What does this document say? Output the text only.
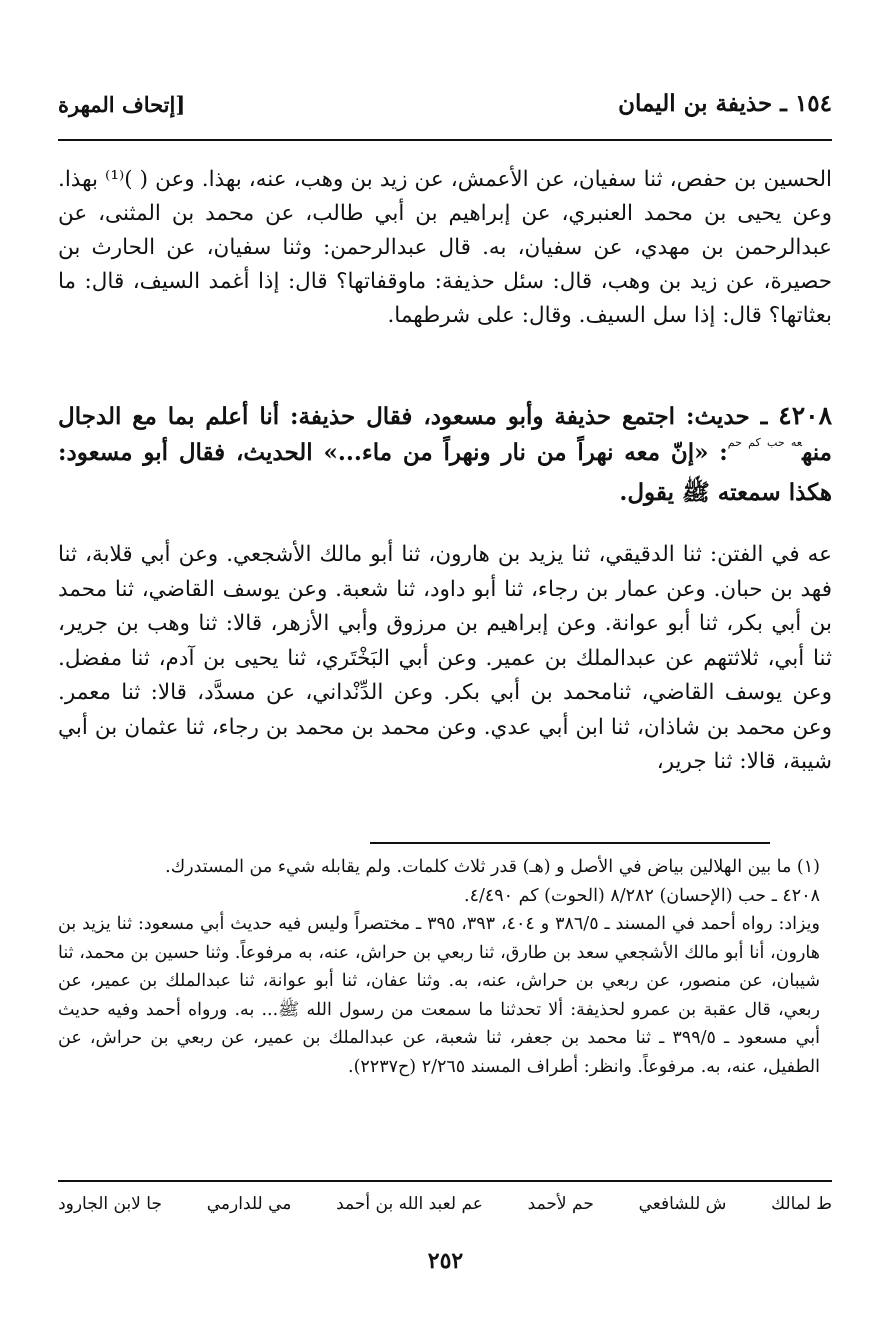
١٥٤ ـ حذيفة بن اليمان
[إتحاف المهرة
الحسين بن حفص، ثنا سفيان، عن الأعمش، عن زيد بن وهب، عنه، بهذا. وعن ( )⁽¹⁾ بهذا. وعن يحيى بن محمد العنبري، عن إبراهيم بن أبي طالب، عن محمد بن المثنى، عن عبدالرحمن بن مهدي، عن سفيان، به. قال عبدالرحمن: وثنا سفيان، عن الحارث بن حصيرة، عن زيد بن وهب، قال: سئل حذيفة: ماوقفاتها؟ قال: إذا أغمد السيف، قال: ما بعثاتها؟ قال: إذا سل السيف. وقال: على شرطهما.
٤٢٠٨ ـ حديث: اجتمع حذيفة وأبو مسعود، فقال حذيفة: أنا أعلم بما مع الدجال منه$^{عه حب كم حم}$: «إنّ معه نهراً من نار ونهراً من ماء...» الحديث، فقال أبو مسعود: هكذا سمعته ﷺ يقول.
عه في الفتن: ثنا الدقيقي، ثنا يزيد بن هارون، ثنا أبو مالك الأشجعي. وعن أبي قلابة، ثنا فهد بن حبان. وعن عمار بن رجاء، ثنا أبو داود، ثنا شعبة. وعن يوسف القاضي، ثنا محمد بن أبي بكر، ثنا أبو عوانة. وعن إبراهيم بن مرزوق وأبي الأزهر، قالا: ثنا وهب بن جرير، ثنا أبي، ثلاثتهم عن عبدالملك بن عمير. وعن أبي البَخْتَري، ثنا يحيى بن آدم، ثنا مفضل. وعن يوسف القاضي، ثنامحمد بن أبي بكر. وعن الدِّنْداني، عن مسدَّد، قالا: ثنا معمر. وعن محمد بن شاذان، ثنا ابن أبي عدي. وعن محمد بن محمد بن رجاء، ثنا عثمان بن أبي شيبة، قالا: ثنا جرير،

(١) ما بين الهلالين بياض في الأصل و (هـ) قدر ثلاث كلمات. ولم يقابله شيء من المستدرك.

٤٢٠٨ ـ حب (الإحسان) ٨/٢٨٢ (الحوت) كم ٤/٤٩٠.

ويزاد: رواه أحمد في المسند ـ ٣٨٦/٥ و ٤٠٤، ٣٩٣، ٣٩٥ ـ مختصراً وليس فيه حديث أبي مسعود: ثنا يزيد بن هارون، أنا أبو مالك الأشجعي سعد بن طارق، ثنا ربعي بن حراش، عنه، به مرفوعاً. وثنا حسين بن محمد، ثنا شيبان، عن منصور، عن ربعي بن حراش، عنه، به. وثنا عفان، ثنا أبو عوانة، ثنا عبدالملك بن عمير، عن ربعي، قال عقبة بن عمرو لحذيفة: ألا تحدثنا ما سمعت من رسول الله ﷺ... به. ورواه أحمد وفيه حديث أبي مسعود ـ ٣٩٩/٥ ـ ثنا محمد بن جعفر، ثنا شعبة، عن عبدالملك بن عمير، عن ربعي بن حراش، عن الطفيل، عنه، به. مرفوعاً. وانظر: أطراف المسند ٢/٢٦٥ (ح٢٢٣٧).

ط لمالك
ش للشافعي
حم لأحمد
عم لعبد الله بن أحمد
مي للدارمي
جا لابن الجارود
٢٥٢
